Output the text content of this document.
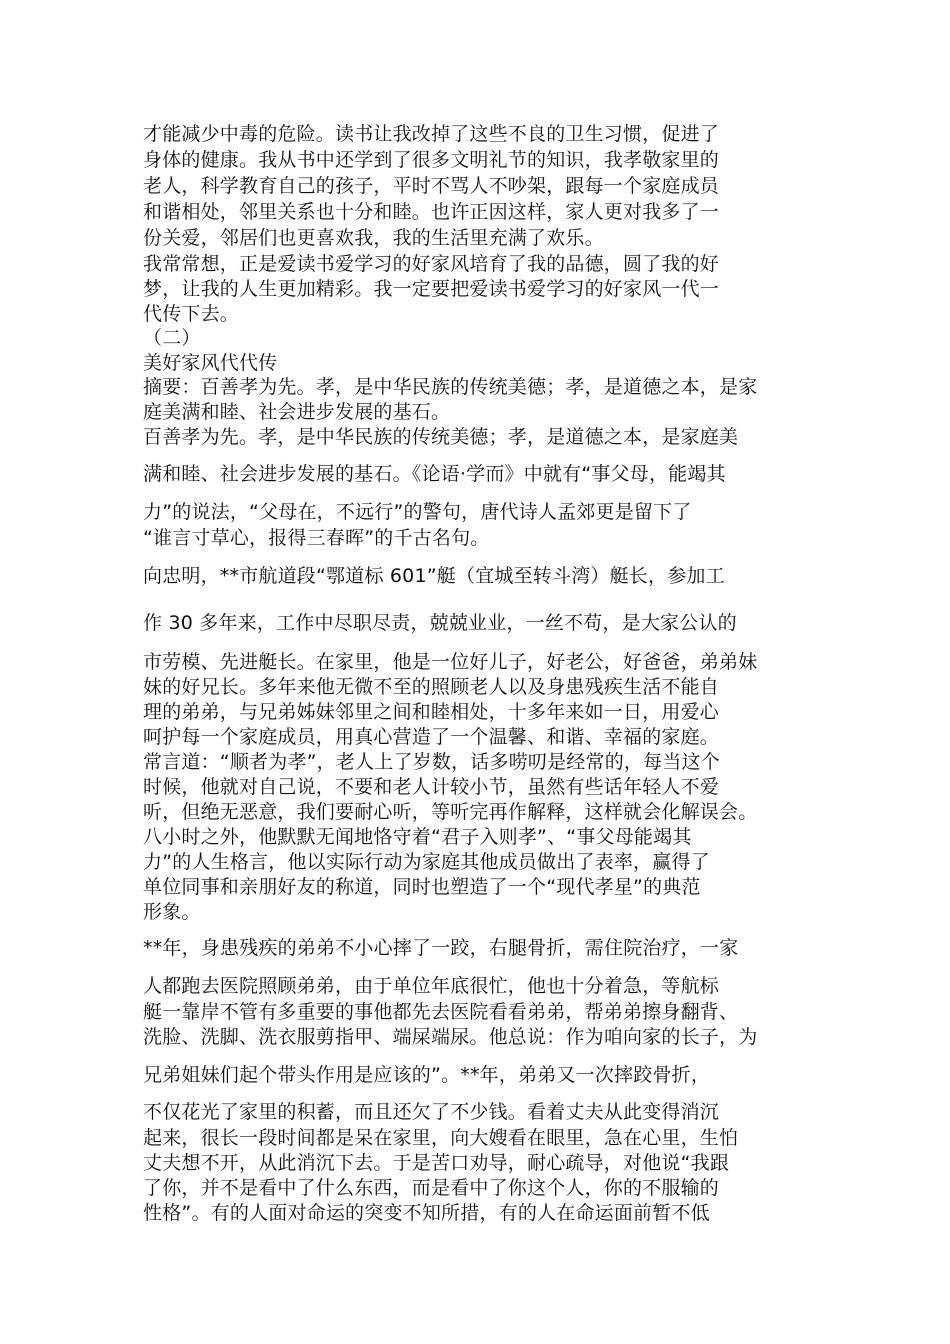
才能减少中毒的危险。读书让我改掉了这些不良的卫生习惯，促进了
身体的健康。我从书中还学到了很多文明礼节的知识，我孝敬家里的
老人，科学教育自己的孩子，平时不骂人不吵架，跟每一个家庭成员
和谐相处，邻里关系也十分和睦。也许正因这样，家人更对我多了一
份关爱，邻居们也更喜欢我，我的生活里充满了欢乐。
我常常想，正是爱读书爱学习的好家风培育了我的品德，圆了我的好
梦，让我的人生更加精彩。我一定要把爱读书爱学习的好家风一代一
代传下去。
（二）
美好家风代代传
摘要：百善孝为先。孝，是中华民族的传统美德；孝，是道德之本，是家
庭美满和睦、社会进步发展的基石。
百善孝为先。孝，是中华民族的传统美德；孝，是道德之本，是家庭美
满和睦、社会进步发展的基石。《论语·学而》中就有“事父母，能竭其
力”的说法，“父母在，不远行”的警句，唐代诗人孟郊更是留下了
“谁言寸草心，报得三春晖”的千古名句。
向忠明，**市航道段“鄂道标 601”艇（宜城至转斗湾）艇长，参加工
作 30 多年来，工作中尽职尽责，兢兢业业，一丝不苟，是大家公认的
市劳模、先进艇长。在家里，他是一位好儿子，好老公，好爸爸，弟弟妹
妹的好兄长。多年来他无微不至的照顾老人以及身患残疾生活不能自
理的弟弟，与兄弟姊妹邻里之间和睦相处，十多年来如一日，用爱心
呵护每一个家庭成员，用真心营造了一个温馨、和谐、幸福的家庭。
常言道：“顺者为孝”，老人上了岁数，话多唠叨是经常的，每当这个
时候，他就对自己说，不要和老人计较小节，虽然有些话年轻人不爱
听，但绝无恶意，我们要耐心听，等听完再作解释，这样就会化解误会。
八小时之外，他默默无闻地恪守着“君子入则孝”、“事父母能竭其
力”的人生格言，他以实际行动为家庭其他成员做出了表率，赢得了
单位同事和亲朋好友的称道，同时也塑造了一个“现代孝星”的典范
形象。
**年，身患残疾的弟弟不小心摔了一跤，右腿骨折，需住院治疗，一家
人都跑去医院照顾弟弟，由于单位年底很忙，他也十分着急，等航标
艇一靠岸不管有多重要的事他都先去医院看看弟弟，帮弟弟擦身翻背、
洗脸、洗脚、洗衣服剪指甲、端屎端尿。他总说：作为咱向家的长子，为
兄弟姐妹们起个带头作用是应该的”。**年，弟弟又一次摔跤骨折，
不仅花光了家里的积蓄，而且还欠了不少钱。看着丈夫从此变得消沉
起来，很长一段时间都是呆在家里，向大嫂看在眼里，急在心里，生怕
丈夫想不开，从此消沉下去。于是苦口劝导，耐心疏导，对他说“我跟
了你，并不是看中了什么东西，而是看中了你这个人，你的不服输的
性格”。有的人面对命运的突变不知所措，有的人在命运面前暂不低
